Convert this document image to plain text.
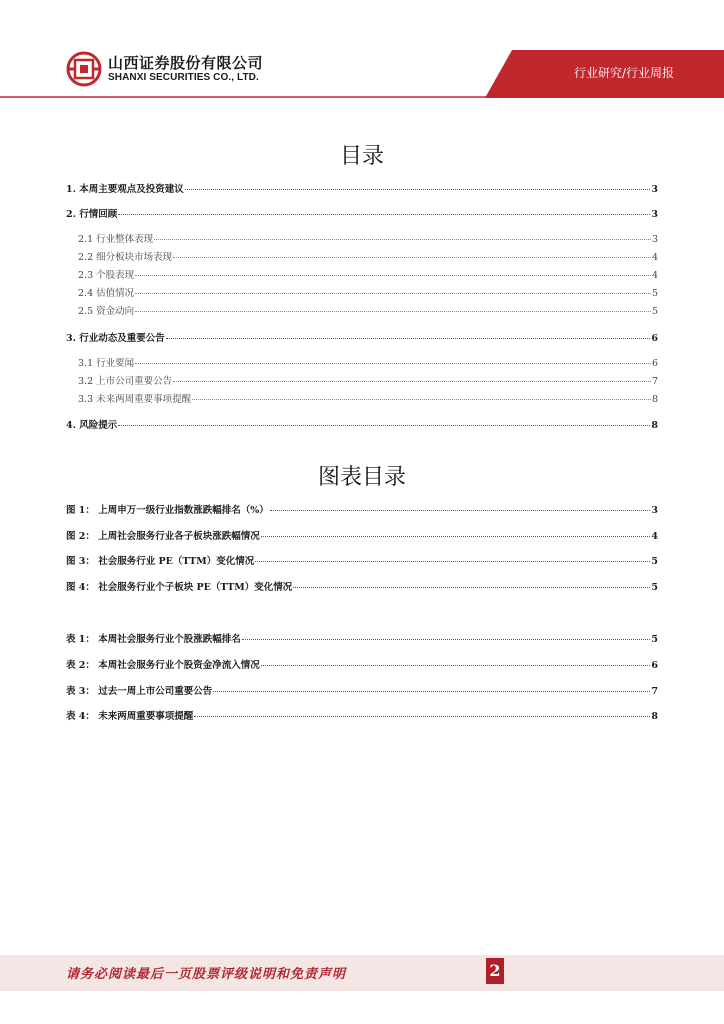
山西证券股份有限公司
SHANXI SECURITIES CO., LTD.	行业研究/行业周报
目录
1. 本周主要观点及投资建议	3
2. 行情回顾	3
2.1 行业整体表现	3
2.2 细分板块市场表现	4
2.3 个股表现	4
2.4 估值情况	5
2.5 资金动向	5
3. 行业动态及重要公告	6
3.1 行业要闻	6
3.2 上市公司重要公告	7
3.3 未来两周重要事项提醒	8
4. 风险提示	8
图表目录
图 1： 上周申万一级行业指数涨跌幅排名（%）	3
图 2： 上周社会服务行业各子板块涨跌幅情况	4
图 3： 社会服务行业 PE（TTM）变化情况	5
图 4： 社会服务行业个子板块 PE（TTM）变化情况	5
表 1： 本周社会服务行业个股涨跌幅排名	5
表 2： 本周社会服务行业个股资金净流入情况	6
表 3： 过去一周上市公司重要公告	7
表 4： 未来两周重要事项提醒	8
请务必阅读最后一页股票评级说明和免责声明	2
